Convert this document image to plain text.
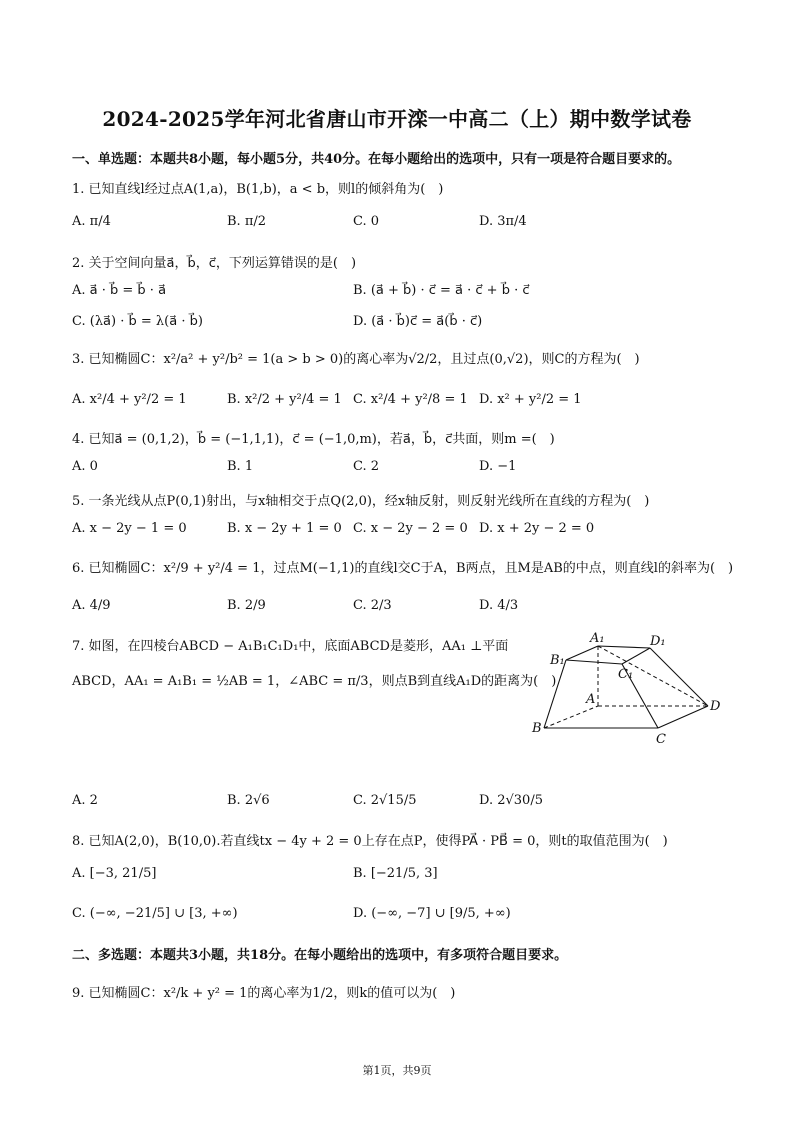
2024-2025学年河北省唐山市开滦一中高二（上）期中数学试卷
一、单选题：本题共8小题，每小题5分，共40分。在每小题给出的选项中，只有一项是符合题目要求的。
1. 已知直线l经过点A(1,a)，B(1,b)，a < b，则l的倾斜角为(　)
A. π/4	B. π/2	C. 0	D. 3π/4
2. 关于空间向量a⃗，b⃗，c⃗，下列运算错误的是(　)
A. a⃗ · b⃗ = b⃗ · a⃗	B. (a⃗ + b⃗) · c⃗ = a⃗ · c⃗ + b⃗ · c⃗
C. (λa⃗) · b⃗ = λ(a⃗ · b⃗)	D. (a⃗ · b⃗)c⃗ = a⃗(b⃗ · c⃗)
3. 已知椭圆C：x²/a² + y²/b² = 1(a > b > 0)的离心率为√2/2，且过点(0,√2)，则C的方程为(　)
A. x²/4 + y²/2 = 1	B. x²/2 + y²/4 = 1 C. x²/4 + y²/8 = 1 D. x² + y²/2 = 1
4. 已知a⃗ = (0,1,2)，b⃗ = (−1,1,1)，c⃗ = (−1,0,m)，若a⃗，b⃗，c⃗共面，则m =(　)
A. 0	B. 1	C. 2	D. −1
5. 一条光线从点P(0,1)射出，与x轴相交于点Q(2,0)，经x轴反射，则反射光线所在直线的方程为(　)
A. x − 2y − 1 = 0	B. x − 2y + 1 = 0 C. x − 2y − 2 = 0 D. x + 2y − 2 = 0
6. 已知椭圆C：x²/9 + y²/4 = 1，过点M(−1,1)的直线l交C于A，B两点，且M是AB的中点，则直线l的斜率为(　)
A. 4/9	B. 2/9	C. 2/3	D. 4/3
7. 如图，在四棱台ABCD − A₁B₁C₁D₁中，底面ABCD是菱形，AA₁ ⊥平面
ABCD，AA₁ = A₁B₁ = ½AB = 1，∠ABC = π/3，则点B到直线A₁D的距离为(　)
A₁	D₁
B₁
C₁
A
B
C
D
A. 2	B. 2√6	C. 2√15/5	D. 2√30/5
8. 已知A(2,0)，B(10,0).若直线tx − 4y + 2 = 0上存在点P，使得PA⃗ · PB⃗ = 0，则t的取值范围为(　)
A. [−3, 21/5]	B. [−21/5, 3]
C. (−∞, −21/5] ∪ [3, +∞)	D. (−∞, −7] ∪ [9/5, +∞)
二、多选题：本题共3小题，共18分。在每小题给出的选项中，有多项符合题目要求。
9. 已知椭圆C：x²/k + y² = 1的离心率为1/2，则k的值可以为(　)
第1页，共9页
